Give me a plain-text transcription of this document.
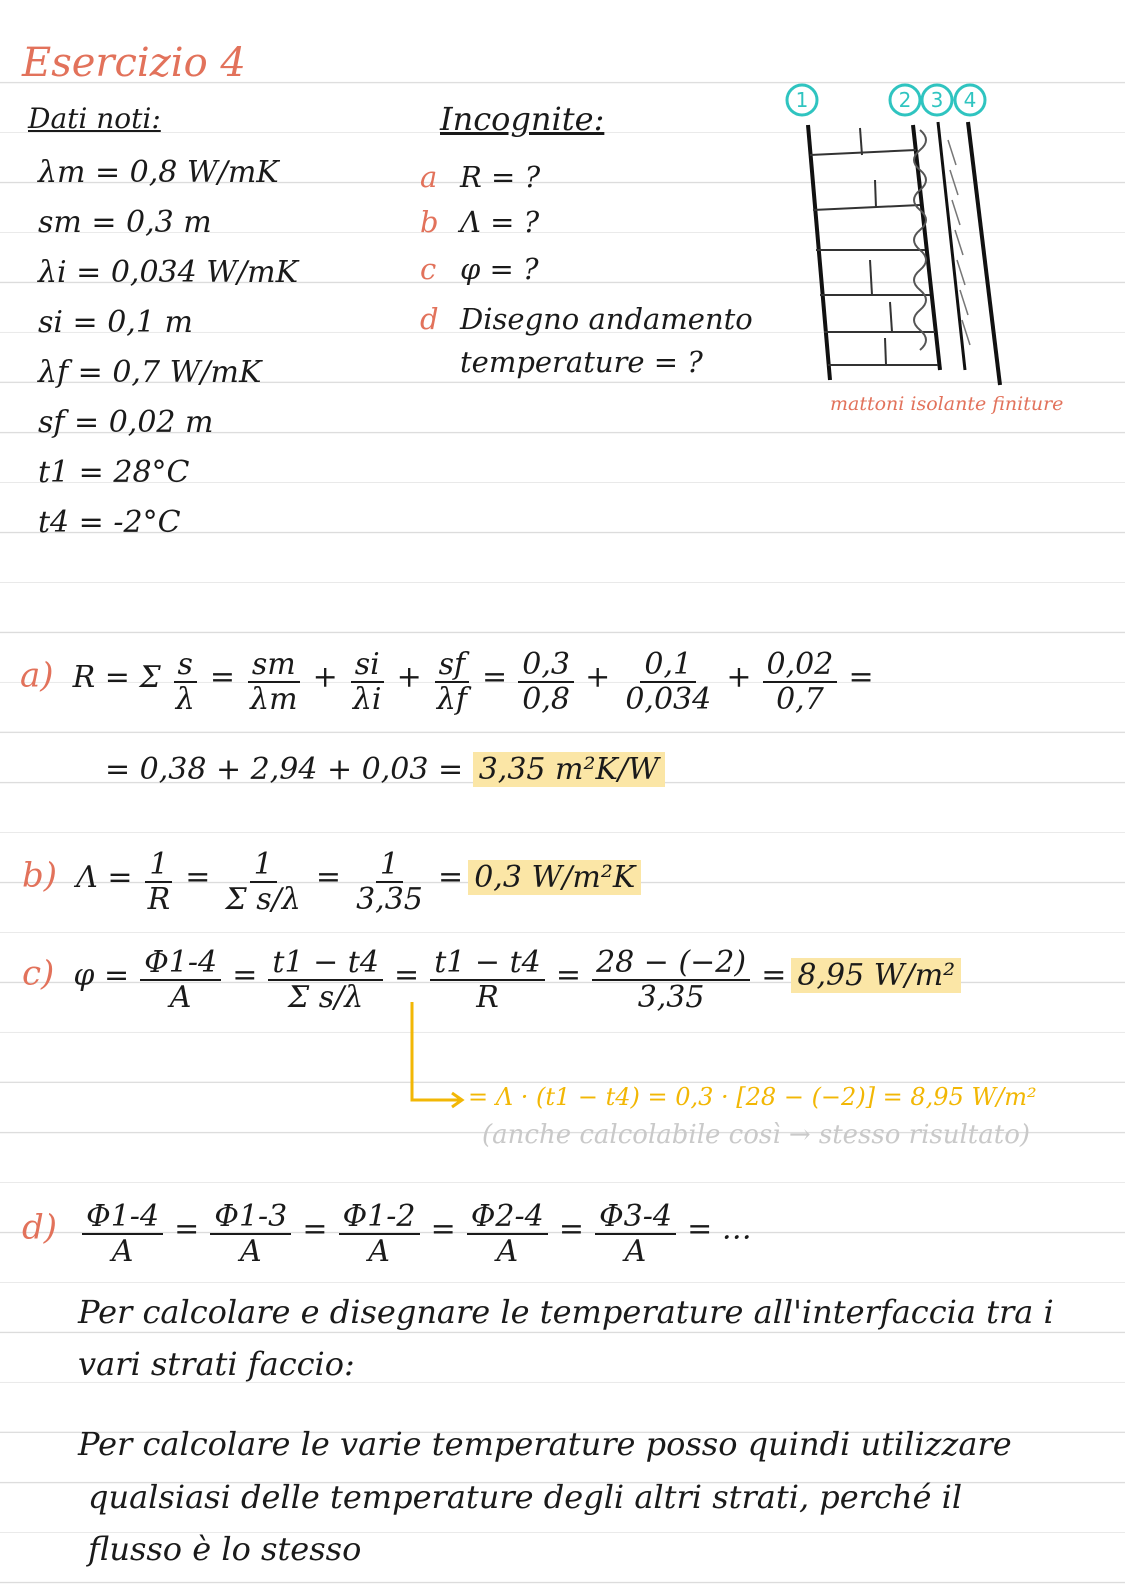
Esercizio 4
Dati noti:
λm = 0,8 W/mK
sm = 0,3 m
λi = 0,034 W/mK
si = 0,1 m
λf = 0,7 W/mK
sf = 0,02 m
t1 = 28°C
t4 = -2°C
Incognite:
a R = ?
b Λ = ?
c φ = ?
d Disegno andamento
temperature = ?
1	2 3 4
mattoni isolante finiture
a) R = Σ $\frac{s}{\lambda} = \frac{sm}{\lambda m} + \frac{si}{\lambda i} + \frac{sf}{\lambda f} = \frac{0,3}{0,8} + \frac{0,1}{0,034} + \frac{0,02}{0,7}$ =
= 0,38 + 2,94 + 0,03 = 3,35 m²K/W
b) $\Lambda = \frac{1}{R} = \frac{1}{\text{Σ s/λ}} = \frac{1}{3,35} = 0,3$ W/m²K
c) $\varphi = \frac{\Phi 1-4}{A} = \frac{t1 - t4}{\text{Σ s/λ}} = \frac{t1 - t4}{R} = \frac{28 - (-2)}{3,35} = 8,95$ W/m²
= Λ · (t1 − t4) = 0,3 · [28 − (−2)] = 8,95 W/m²
(anche calcolabile così → stesso risultato)
$d) \frac{\Phi 1-4}{A} = \frac{\Phi 1-3}{A} = \frac{\Phi 1-2}{A} = \frac{\Phi 2-4}{A} = \frac{\Phi 3-4}{A}$ = …
Per calcolare e disegnare le temperature all'interfaccia tra i
vari strati faccio:
Per calcolare le varie temperature posso quindi utilizzare
qualsiasi delle temperature degli altri strati, perché il
flusso è lo stesso
